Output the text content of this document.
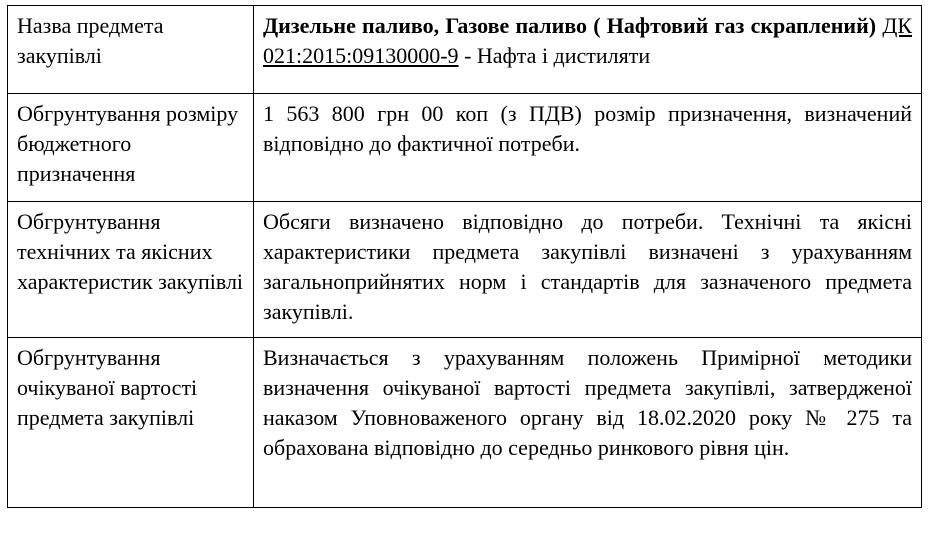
Назва предмета закупівлі	Дизельне паливо, Газове паливо ( Нафтовий газ скраплений) ДК 021:2015:09130000-9 - Нафта і дистиляти
Обгрунтування розміру бюджетного призначення	1 563 800 грн 00 коп (з ПДВ) розмір призначення, визначений відповідно до фактичної потреби.
Обгрунтування технічних та якісних характеристик закупівлі	Обсяги визначено відповідно до потреби. Технічні та якісні характеристики предмета закупівлі визначені з урахуванням загальноприйнятих норм і стандартів для зазначеного предмета закупівлі.
Обгрунтування очікуваної вартості предмета закупівлі	Визначається з урахуванням положень Примірної методики визначення очікуваної вартості предмета закупівлі, затвердженої наказом Уповноваженого органу від 18.02.2020 року № 275 та обрахована відповідно до середньо ринкового рівня цін.
